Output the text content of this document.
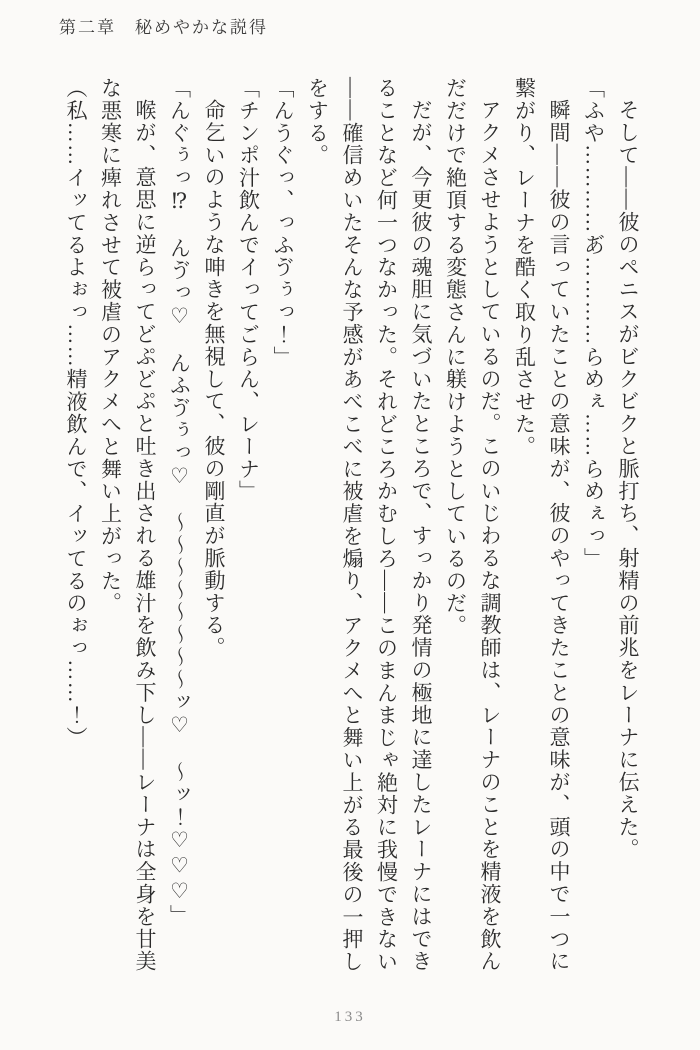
第二章　秘めやかな説得

そして――彼のペニスがビクビクと脈打ち、射精の前兆をレーナに伝えた。

「ふや…………あ゙…………らめぇ……らめぇっ」

瞬間――彼の言っていたことの意味が、彼のやってきたことの意味が、頭の中で一つに繋がり、レーナを酷く取り乱させた。

アクメさせようとしているのだ。このいじわるな調教師は、レーナのことを精液を飲んだだけで絶頂する変態さんに躾けようとしているのだ。

だが、今更彼の魂胆に気づいたところで、すっかり発情の極地に達したレーナにはできることなど何一つなかった。それどころかむしろ――このまんまじゃ絶対に我慢できない――確信めいたそんな予感があべこべに被虐を煽り、アクメへと舞い上がる最後の一押しをする。

「んうぐっ、っふゔぅっ！」

「チンポ汁飲んでイってごらん、レーナ」

命乞いのような呻きを無視して、彼の剛直が脈動する。

「んぐぅっ⁉　んゔっ♡　んふゔぅっ♡　〜〜〜〜〜〜〜〜ッ♡　〜ッ！♡♡♡」

喉が、意思に逆らってどぷどぷと吐き出される雄汁を飲み下し――レーナは全身を甘美な悪寒に痺れさせて被虐のアクメへと舞い上がった。

（私……イッてるよぉっ……精液飲んで、イッてるのぉっ……！）

133
